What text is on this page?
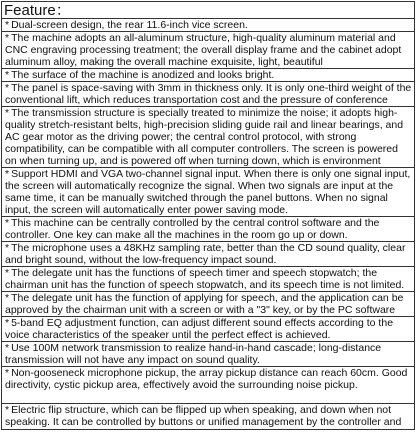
Feature：
* Dual-screen design, the rear 11.6-inch vice screen.
* The machine adopts an all-aluminum structure, high-quality aluminum material and CNC engraving processing treatment; the overall display frame and the cabinet adopt aluminum alloy, making the overall machine exquisite, light, beautiful
* The surface of the machine is anodized and looks bright.
* The panel is space-saving with 3mm in thickness only. It is only one-third weight of the conventional lift, which reduces transportation cost and the pressure of conference
* The transmission structure is specially treated to minimize the noise; it adopts high-quality stretch-resistant belts, high-precision sliding guide rail and linear bearings, and AC gear motor as the driving power; the central control protocol, with strong compatibility, can be compatible with all computer controllers. The screen is powered on when turning up, and is powered off when turning down, which is environment
* Support HDMI and VGA two-channel signal input. When there is only one signal input, the screen will automatically recognize the signal. When two signals are input at the same time, it can be manually switched through the panel buttons. When no signal input, the screen will automatically enter power saving mode.
* This machine can be centrally controlled by the central control software and the controller. One key can make all the machines in the room go up or down.
* The microphone uses a 48KHz sampling rate, better than the CD sound quality, clear and bright sound, without the low-frequency impact sound.
* The delegate unit has the functions of speech timer and speech stopwatch; the chairman unit has the function of speech stopwatch, and its speech time is not limited.
* The delegate unit has the function of applying for speech, and the application can be approved by the chairman unit with a screen or with a "3" key, or by the PC software
* 5-band EQ adjustment function, can adjust different sound effects according to the voice characteristics of the speaker until the perfect effect is achieved.
* Use 100M network transmission to realize hand-in-hand cascade; long-distance transmission will not have any impact on sound quality.
* Non-gooseneck microphone pickup, the array pickup distance can reach 60cm. Good directivity, cystic pickup area, effectively avoid the surrounding noise pickup.
* Electric flip structure, which can be flipped up when speaking, and down when not speaking. It can be controlled by buttons or unified management by the controller and
